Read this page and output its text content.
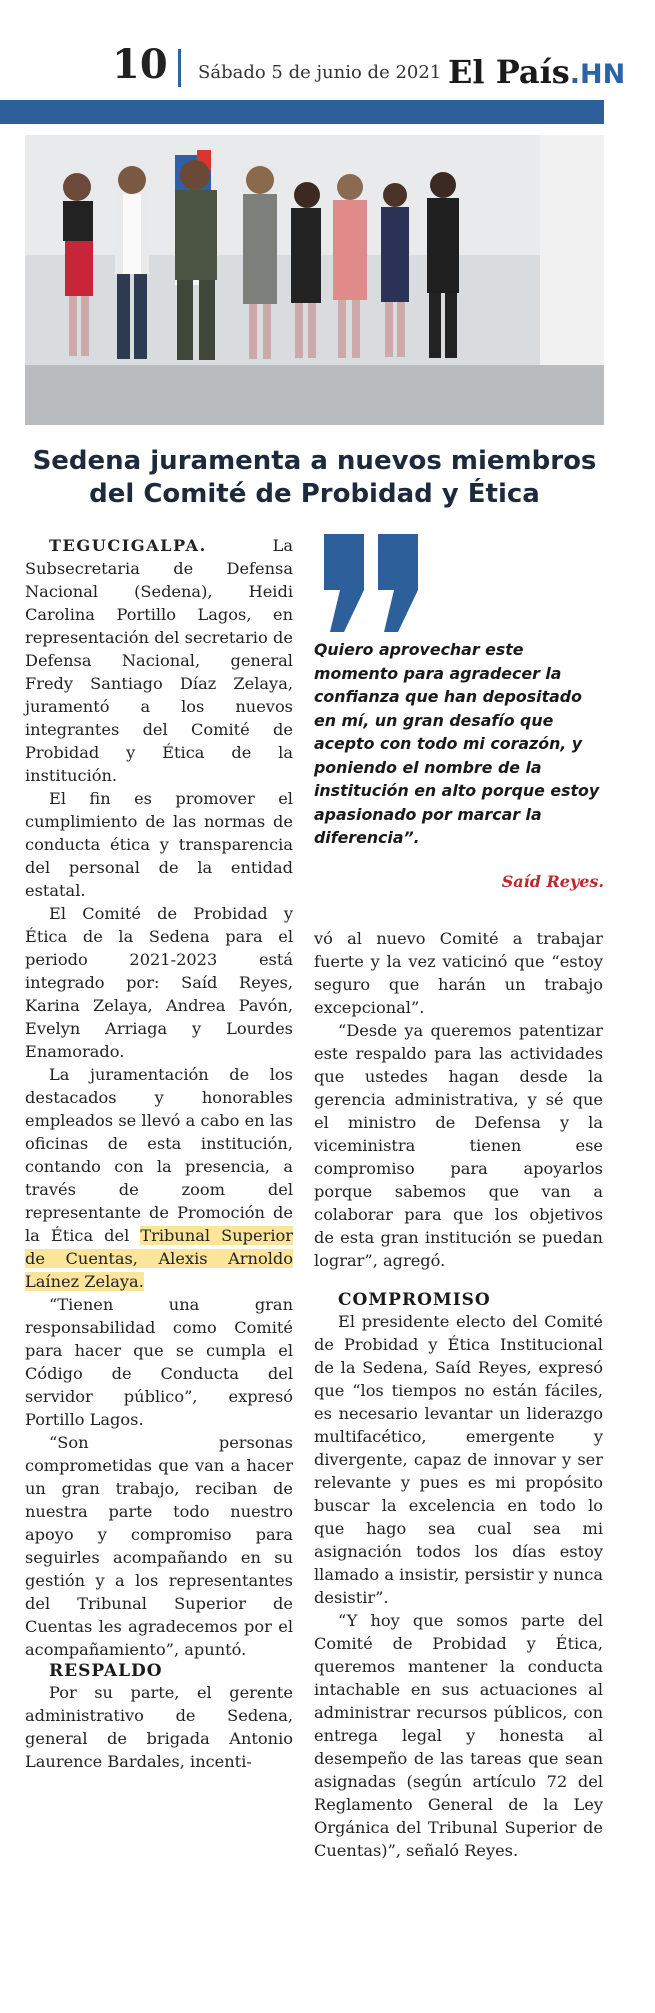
10 Sábado 5 de junio de 2021 El País.HN
Sedena juramenta a nuevos miembros
del Comité de Probidad y Ética

TEGUCIGALPA.	La Subsecretaria de Defensa Nacional (Sedena), Heidi Carolina Portillo Lagos, en representación del secretario de Defensa Nacional, general Fredy Santiago Díaz Zelaya, juramentó a los nuevos integrantes del Comité de Probidad y Ética de la institución.

El fin es promover el cumplimiento de las normas de conducta ética y transparencia del personal de la entidad estatal.

El Comité de Probidad y Ética de la Sedena para el periodo 2021-2023 está integrado por: Saíd Reyes, Karina Zelaya, Andrea Pavón, Evelyn Arriaga y Lourdes Enamorado.

La juramentación de los destacados y honorables empleados se llevó a cabo en las oficinas de esta institución, contando con la presencia, a través de zoom del representante de Promoción de la Ética del Tribunal Superior de Cuentas, Alexis Arnoldo Laínez Zelaya.

“Tienen una gran responsabilidad como Comité para hacer que se cumpla el Código de Conducta del servidor público”, expresó Portillo Lagos.

“Son personas comprometidas que van a hacer un gran trabajo, reciban de nuestra parte todo nuestro apoyo y compromiso para seguirles acompañando en su gestión y a los representantes del Tribunal Superior de Cuentas les agradecemos por el acompañamiento”, apuntó.

RESPALDO

Por su parte, el gerente administrativo de Sedena, general de brigada Antonio Laurence Bardales, incenti-

Quiero aprovechar este momento para agradecer la confianza que han depositado en mí, un gran desafío que acepto con todo mi corazón, y poniendo el nombre de la institución en alto porque estoy apasionado por marcar la diferencia”.
Saíd Reyes.

vó al nuevo Comité a trabajar fuerte y la vez vaticinó que “estoy seguro que harán un trabajo excepcional”.

“Desde ya queremos patentizar este respaldo para las actividades que ustedes hagan desde la gerencia administrativa, y sé que el ministro de Defensa y la viceministra tienen ese compromiso para apoyarlos porque sabemos que van a colaborar para que los objetivos de esta gran institución se puedan lograr”, agregó.

COMPROMISO

El presidente electo del Comité de Probidad y Ética Institucional de la Sedena, Saíd Reyes, expresó que “los tiempos no están fáciles, es necesario levantar un liderazgo multifacético, emergente y divergente, capaz de innovar y ser relevante y pues es mi propósito buscar la excelencia en todo lo que hago sea cual sea mi asignación todos los días estoy llamado a insistir, persistir y nunca desistir”.

“Y hoy que somos parte del Comité de Probidad y Ética, queremos mantener la conducta intachable en sus actuaciones al administrar recursos públicos, con entrega legal y honesta al desempeño de las tareas que sean asignadas (según artículo 72 del Reglamento General de la Ley Orgánica del Tribunal Superior de Cuentas)”, señaló Reyes.
